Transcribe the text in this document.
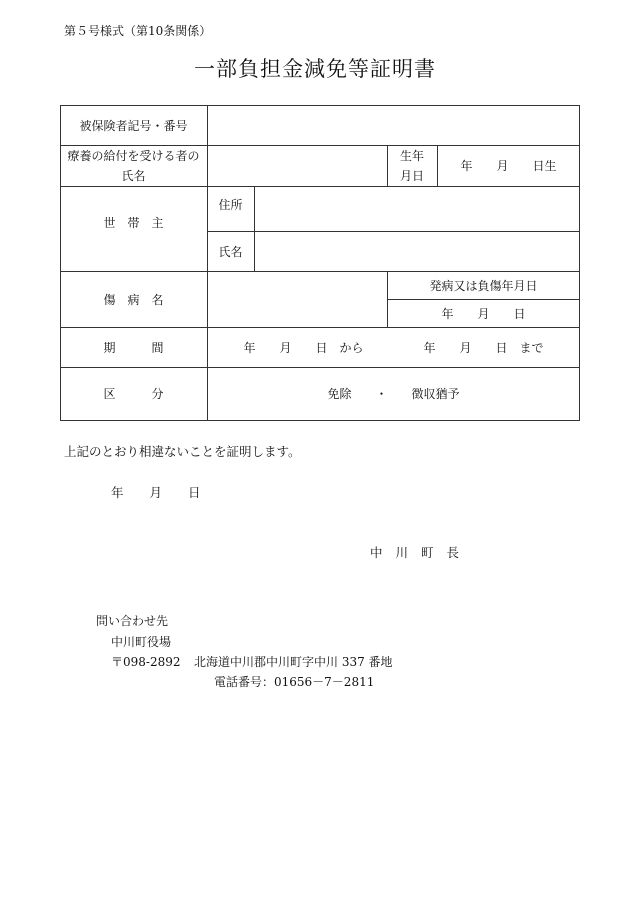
第５号様式（第10条関係）
一部負担金減免等証明書
被保険者記号・番号
療養の給付を受ける者の
氏名
生年
月日
年　　月　　日生
世　帯　主
住所
氏名
傷　病　名
発病又は負傷年月日
年　　月　　日
期　　　間	年　　月　　日　から　　　　　年　　月　　日　まで
区　　　分	免除　　・　　徴収猶予
上記のとおり相違ないことを証明します。
年 月 日
中川町長
問い合わせ先
中川町役場
〒098-2892 北海道中川郡中川町字中川 337 番地
電話番号：01656－7－2811
